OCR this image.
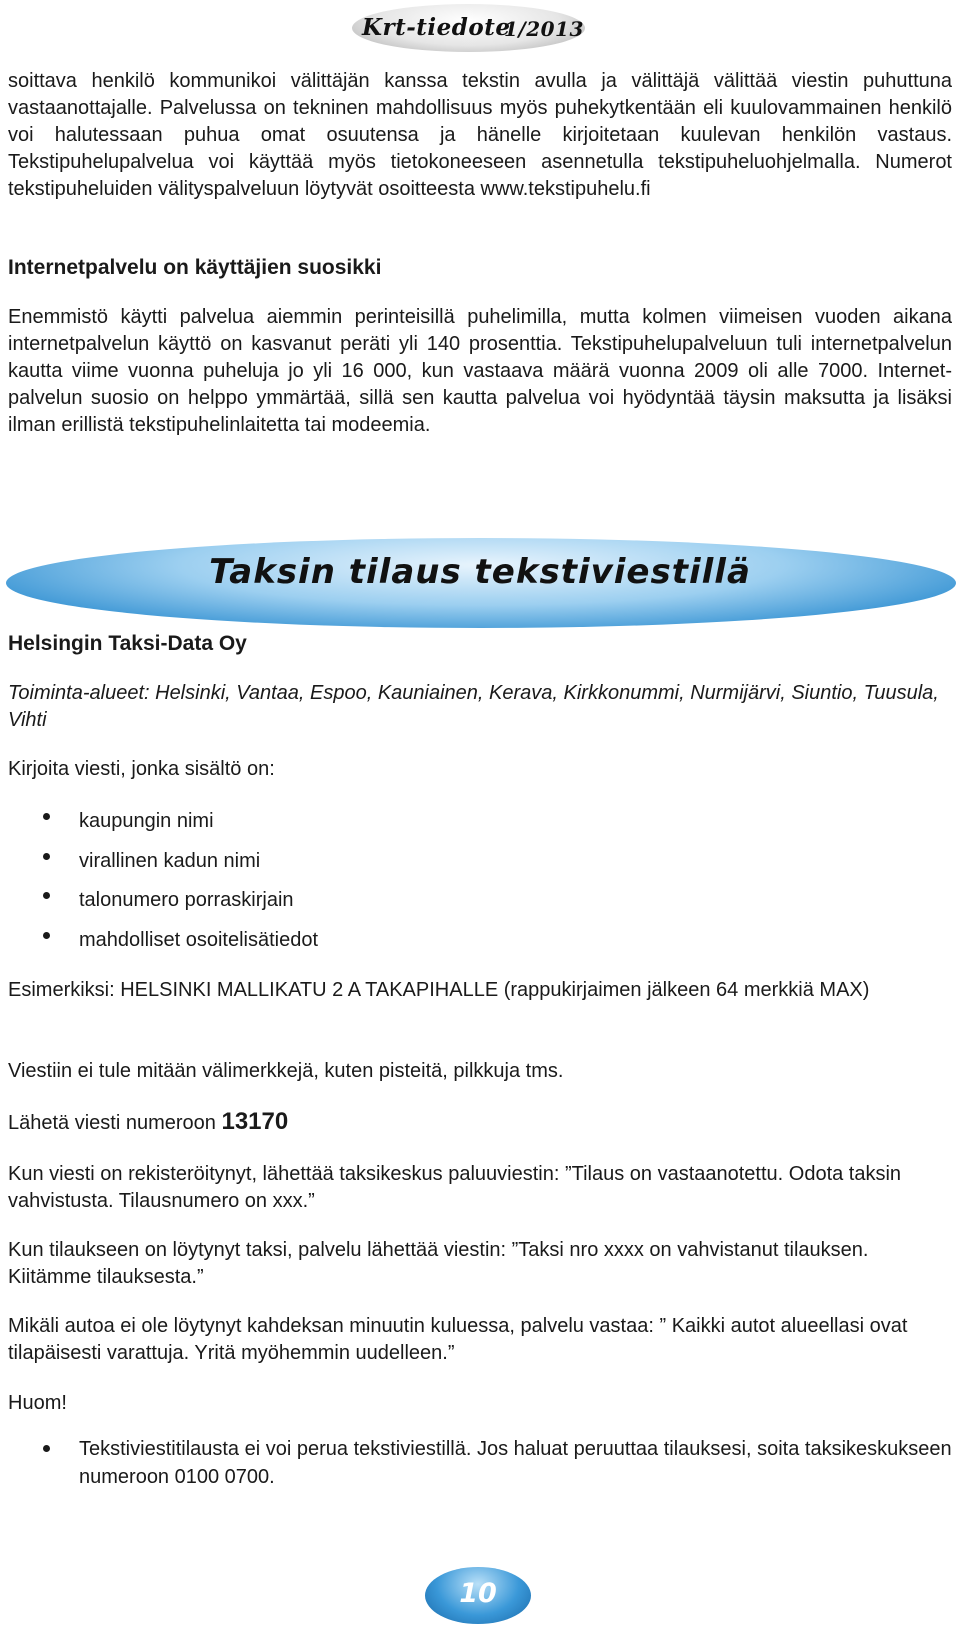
Krt-tiedote
1/2013

soittava henkilö kommunikoi välittäjän kanssa tekstin avulla ja välittäjä välittää viestin puhuttuna vastaanottajalle. Palvelussa on tekninen mahdollisuus myös puhekytkentään eli kuulovammainen henkilö voi halutessaan puhua omat osuutensa ja hänelle kirjoitetaan kuulevan henkilön vastaus. Tekstipuhelupalvelua voi käyttää myös tietokoneeseen asennetulla tekstipuheluohjelmalla. Numerot tekstipuheluiden välityspalveluun löytyvät osoitteesta www.tekstipuhelu.fi

Internetpalvelu on käyttäjien suosikki

Enemmistö käytti palvelua aiemmin perinteisillä puhelimilla, mutta kolmen viimeisen vuoden aikana internetpalvelun käyttö on kasvanut peräti yli 140 prosenttia. Tekstipuhelupalveluun tuli internetpalvelun kautta viime vuonna puheluja jo yli 16 000, kun vastaava määrä vuonna 2009 oli alle 7000. Internet-palvelun suosio on helppo ymmärtää, sillä sen kautta palvelua voi hyödyntää täysin maksutta ja lisäksi ilman erillistä tekstipuhelinlaitetta tai modeemia.

Taksin tilaus tekstiviestillä
Helsingin Taksi-Data Oy

Toiminta-alueet: Helsinki, Vantaa, Espoo, Kauniainen, Kerava, Kirkkonummi, Nurmijärvi, Siuntio, Tuusula, Vihti

Kirjoita viesti, jonka sisältö on:

kaupungin nimi
virallinen kadun nimi
talonumero porraskirjain
mahdolliset osoitelisätiedot

Esimerkiksi: HELSINKI MALLIKATU 2 A TAKAPIHALLE (rappukirjaimen jälkeen 64 merkkiä MAX)

Viestiin ei tule mitään välimerkkejä, kuten pisteitä, pilkkuja tms.

Lähetä viesti numeroon 13170

Kun viesti on rekisteröitynyt, lähettää taksikeskus paluuviestin: ”Tilaus on vastaanotettu. Odota taksin vahvistusta. Tilausnumero on xxx.”

Kun tilaukseen on löytynyt taksi, palvelu lähettää viestin: ”Taksi nro xxxx on vahvistanut tilauksen. Kiitämme tilauksesta.”

Mikäli autoa ei ole löytynyt kahdeksan minuutin kuluessa, palvelu vastaa: ” Kaikki autot alueellasi ovat tilapäisesti varattuja. Yritä myöhemmin uudelleen.”

Huom!

Tekstiviestitilausta ei voi perua tekstiviestillä. Jos haluat peruuttaa tilauksesi, soita taksikeskukseen numeroon 0100 0700.
10
